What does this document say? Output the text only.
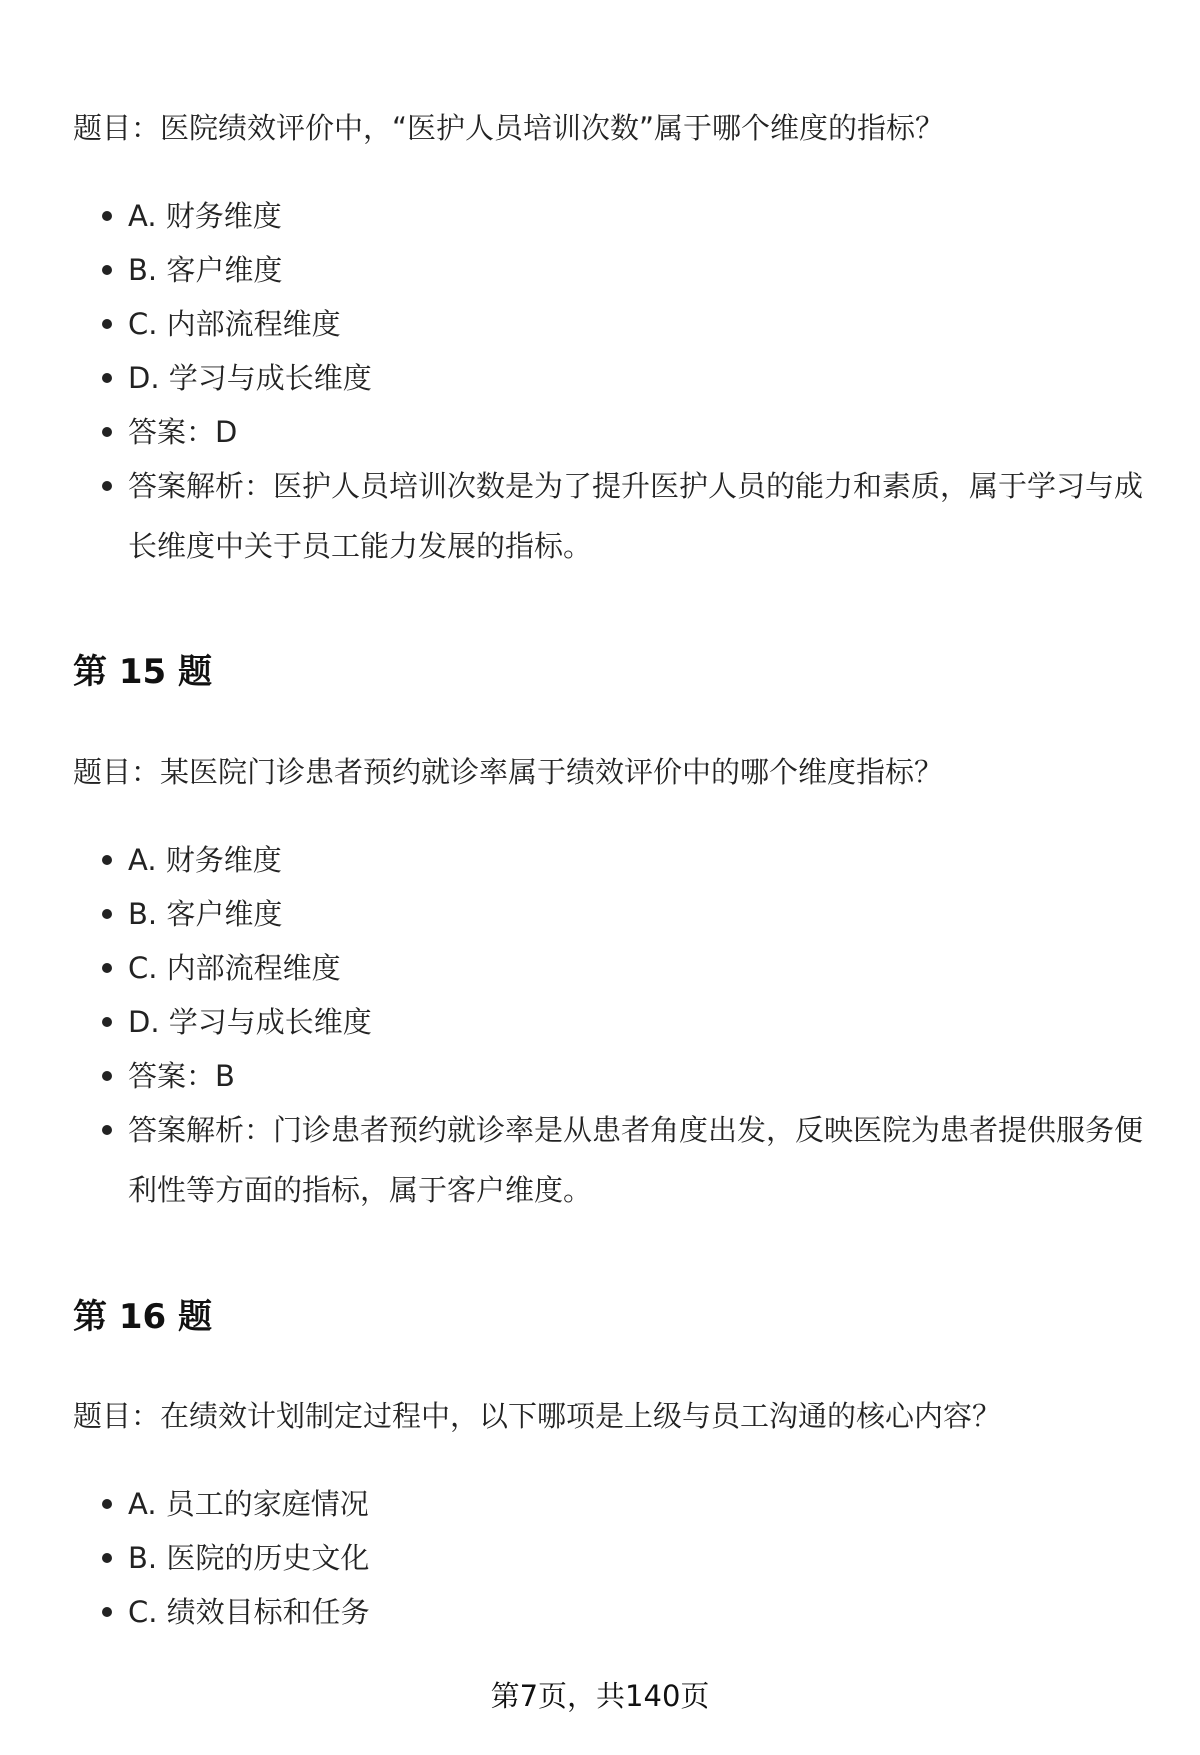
题目：医院绩效评价中，“医护人员培训次数”属于哪个维度的指标？

A. 财务维度
B. 客户维度
C. 内部流程维度
D. 学习与成长维度
答案：D
答案解析：医护人员培训次数是为了提升医护人员的能力和素质，属于学习与成长维度中关于员工能力发展的指标。
第 15 题

题目：某医院门诊患者预约就诊率属于绩效评价中的哪个维度指标？

A. 财务维度
B. 客户维度
C. 内部流程维度
D. 学习与成长维度
答案：B
答案解析：门诊患者预约就诊率是从患者角度出发，反映医院为患者提供服务便利性等方面的指标，属于客户维度。
第 16 题

题目：在绩效计划制定过程中，以下哪项是上级与员工沟通的核心内容？

A. 员工的家庭情况
B. 医院的历史文化
C. 绩效目标和任务
第7页，共140页
